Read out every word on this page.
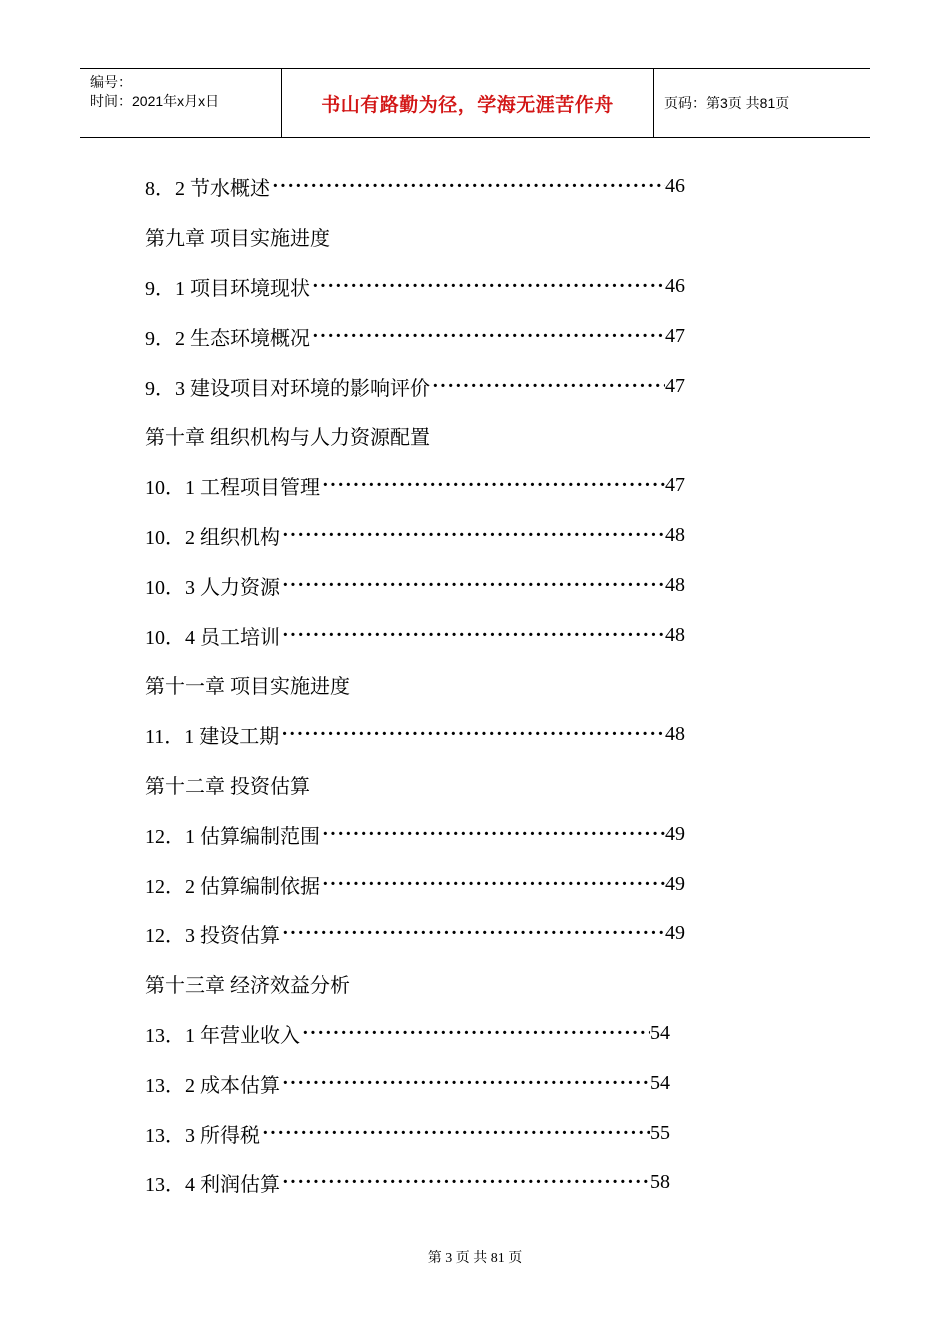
编号：
时间：2021年x月x日	书山有路勤为径，学海无涯苦作舟	页码：第3页 共81页
8．2 节水概述 ·····	46
第九章 项目实施进度
9．1 项目环境现状 ·····	46
9．2 生态环境概况 ·····	47
9．3 建设项目对环境的影响评价 ·····	47
第十章 组织机构与人力资源配置
10．1 工程项目管理 ·····	47
10．2 组织机构 ·····	48
10．3 人力资源 ·····	48
10．4 员工培训 ·····	48
第十一章 项目实施进度
11．1 建设工期 ·····	48
第十二章 投资估算
12．1 估算编制范围 ·····	49
12．2 估算编制依据 ·····	49
12．3 投资估算 ·····	49
第十三章 经济效益分析
13．1 年营业收入 ·····	54
13．2 成本估算 ·····	54
13．3 所得税 ·····	55
13．4 利润估算 ·····	58
第 3 页 共 81 页
